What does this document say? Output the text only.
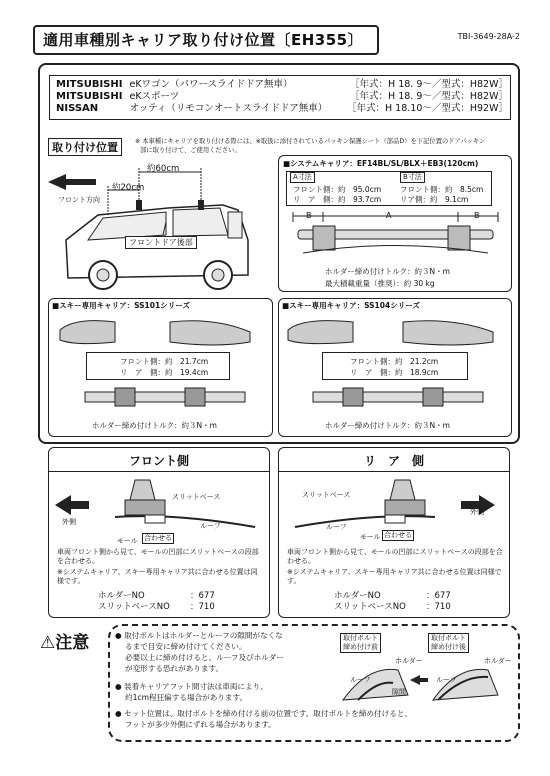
適用車種別キャリア取り付け位置〔EH355〕	TBI-3649-28A-2
MITSUBISHI	eKワゴン（パワースライドドア無車）	［年式：H 18. 9～／型式：H82W］
MITSUBISHI	eKスポーツ	［年式：H 18. 9～／型式：H82W］
NISSAN	オッティ（リモコンオートスライドドア無車）	［年式：H 18.10～／型式：H92W］
取り付け位置	※ 本車種にキャリアを取り付ける際には、※取扱に添付されているパッキン保護シート（部品D）を下記位置のドアパッキン
部に取り付けて、ご使用ください。
約60cm
約20cm
フロント方向
フロントドア後部
■システムキャリア：EF14BL/SL/BLX＋EB3(120cm)
A寸法	B寸法
フロント側：約　95.0cm
リ　ア　側：約　93.7cm
フロント側：約　8.5cm
リア側：約　9.1cm
B	A	B
ホルダー締め付けトルク：約３N・m
最大積載重量（推奨）：約 30 kg
■スキー専用キャリア：SS101シリーズ
フロント側：約　21.7cm
リ　ア　側：約　19.4cm
ホルダー締め付けトルク：約３N・m
■スキー専用キャリア：SS104シリーズ
フロント側：約　21.2cm
リ　ア　側：約　18.9cm
ホルダー締め付けトルク：約３N・m
フロント側
外側
スリットベース
ルーフ
モール 合わせる
車両フロント側から見て、モールの凹部にスリットベースの段部を合わせる。
※システムキャリア、スキー専用キャリア共に合わせる位置は同様です。
ホルダーNO	：677
スリットベースNO ：710
リ　ア　側
外側
スリットベース
ルーフ
モール 合わせる
車両フロント側から見て、モールの凹部にスリットベースの段部を合わせる。
※システムキャリア、スキー専用キャリア共に合わせる位置は同様です。
ホルダーNO	：677
スリットベースNO ：710
⚠注意	● 取付ボルトはホルダーとルーフの隙間がなくな
るまで目安に締め付けてください。
必要以上に締め付けると、ルーフ及びホルダー
が変形する恐れがあります。
● 装着キャリアフット間寸法は車両により、
約1cm程狂偏する場合があります。
● セット位置は、取付ボルトを締め付ける前の位置です。取付ボルトを締め付けると、
フットが多少外側にずれる場合があります。
取付ボルト
締め付け前
取付ボルト
締め付け後
ホルダー	ホルダー
ルーフ	ルーフ
隙間
